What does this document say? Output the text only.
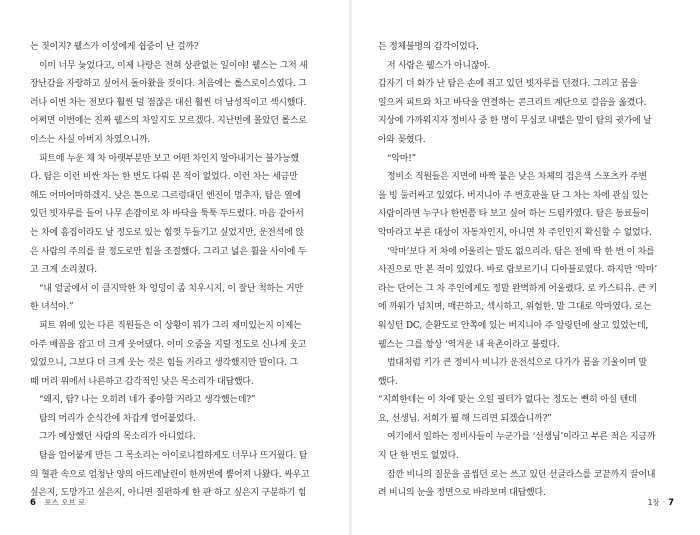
는 짓이지? 웰스가 이성에게 쉽중이 난 걸까?

이미 너무 늦었다고, 이제 나랑은 전혀 상관없는 일이야! 웰스는 그저 새

장난감을 자랑하고 싶어서 돌아왔을 것이다. 처음에는 롤스로이스였다. 그

러나 이번 차는 전보다 훨씬 덜 점잖은 대신 훨씬 더 남성적이고 섹시했다.

어쩌면 이번에는 진짜 웰스의 차일지도 모르겠다. 지난번에 몰았던 롤스로

이스는 사실 아버지 차였으니까.

피트에 누운 채 차 아랫부분만 보고 어떤 차인지 알아내기는 불가능했

다. 탐은 이런 비싼 차는 한 번도 다뤄 본 적이 없었다. 이런 차는 세금만

해도 어마어마하겠지. 낮은 톤으로 그르렁대던 엔진이 멈추자, 탐은 옆에

있던 빗자루를 들어 나무 손잡이로 차 바닥을 툭툭 두드렸다. 마음 같아서

는 차에 흠집이라도 날 정도로 있는 힘껏 두들기고 싶었지만, 운전석에 앉

은 사람의 주의를 끌 정도로만 힘을 조절했다. 그리고 넓은 휠을 사이에 두

고 크게 소리쳤다.

“내 얼굴에서 이 큼지막한 차 엉덩이 좀 치우시지, 이 잘난 척하는 거만

한 녀석아.”

피트 위에 있는 다른 직원들은 이 상황이 뭐가 그리 재미있는지 이제는

아주 배꼽을 잡고 더 크게 웃어댔다. 이미 오줌을 지릴 정도로 신나게 웃고

있었으니, 그보다 더 크게 웃는 것은 힘들 거라고 생각했지만 말이다. 그

때 머리 위에서 나른하고 감각적인 낮은 목소리가 대답했다.

“왜지, 탐? 나는 오히려 네가 좋아할 거라고 생각했는데?”

탐의 머리가 순식간에 차갑게 얼어붙었다.

그가 예상했던 사람의 목소리가 아니었다.

탐을 얼어붙게 만든 그 목소리는 아이로니컬하게도 너무나 뜨거웠다. 탐

의 혈관 속으로 엄청난 양의 아드레날린이 한꺼번에 뿜어져 나왔다. 싸우고

싶은지, 도망가고 싶은지, 아니면 질펀하게 한 판 하고 싶은지 구분하기 힘

든 정체불명의 감각이었다.

저 사람은 웰스가 아니잖아.

갑자기 더 화가 난 탐은 손에 쥐고 있던 빗자루를 던졌다. 그리고 몸을

일으켜 피트와 차고 바닥을 연결하는 콘크리트 계단으로 걸음을 옮겼다.

지상에 가까워지자 정비사 중 한 명이 무심코 내뱉은 말이 탐의 귓가에 날

아와 꽂혔다.

“악마!”

정비소 직원들은 지면에 바짝 붙은 낮은 차체의 검은색 스포츠카 주변

을 빙 둘러싸고 있었다. 버지니아 주 번호판을 단 그 차는 차에 관심 있는

사람이라면 누구나 한번쯤 타 보고 싶어 하는 드림카였다. 탐은 동료들이

악마라고 부른 대상이 자동차인지, 아니면 차 주인인지 확신할 수 없었다.

‘악마’보다 저 차에 어울리는 말도 없으리라. 탐은 전에 딱 한 번 이 차를

사진으로 만 본 적이 있었다. 바로 람보르기니 디아블로였다. 하지만 ‘악마’

라는 단어는 그 차 주인에게도 정말 완벽하게 어울렸다. 로 카스티유. 큰 키

에 까워가 넘치며, 매끈하고, 섹시하고, 위험한. 말 그대로 악마였다. 로는

워싱턴 DC, 순환도로 안쪽에 있는 버지니아 주 알링턴에 살고 있었는데,

웰스는 그를 항상 ‘역겨운 내 육촌이라고 불렀다.

법대처럼 키가 큰 정비사 비니가 운전석으로 다가가 몸을 기울이며 말

했다.

“지희한테는 이 차에 맞는 오일 필터가 없다는 정도는 뻔히 아실 텐데

요, 선생님. 저희가 뭘 해 드리면 되겠습니까?”

여기에서 일하는 정비사들이 누군가를 ‘선생님’이라고 부른 적은 지금까

지 단 한 번도 없었다.

잠깐 비니의 질문을 곰씹던 로는 쓰고 있던 선글라스를 코끝까지 끌어내

려 비니의 눈을 정면으로 바라보며 대답했다.

6 · 포스 오브 로	1장 · 7
